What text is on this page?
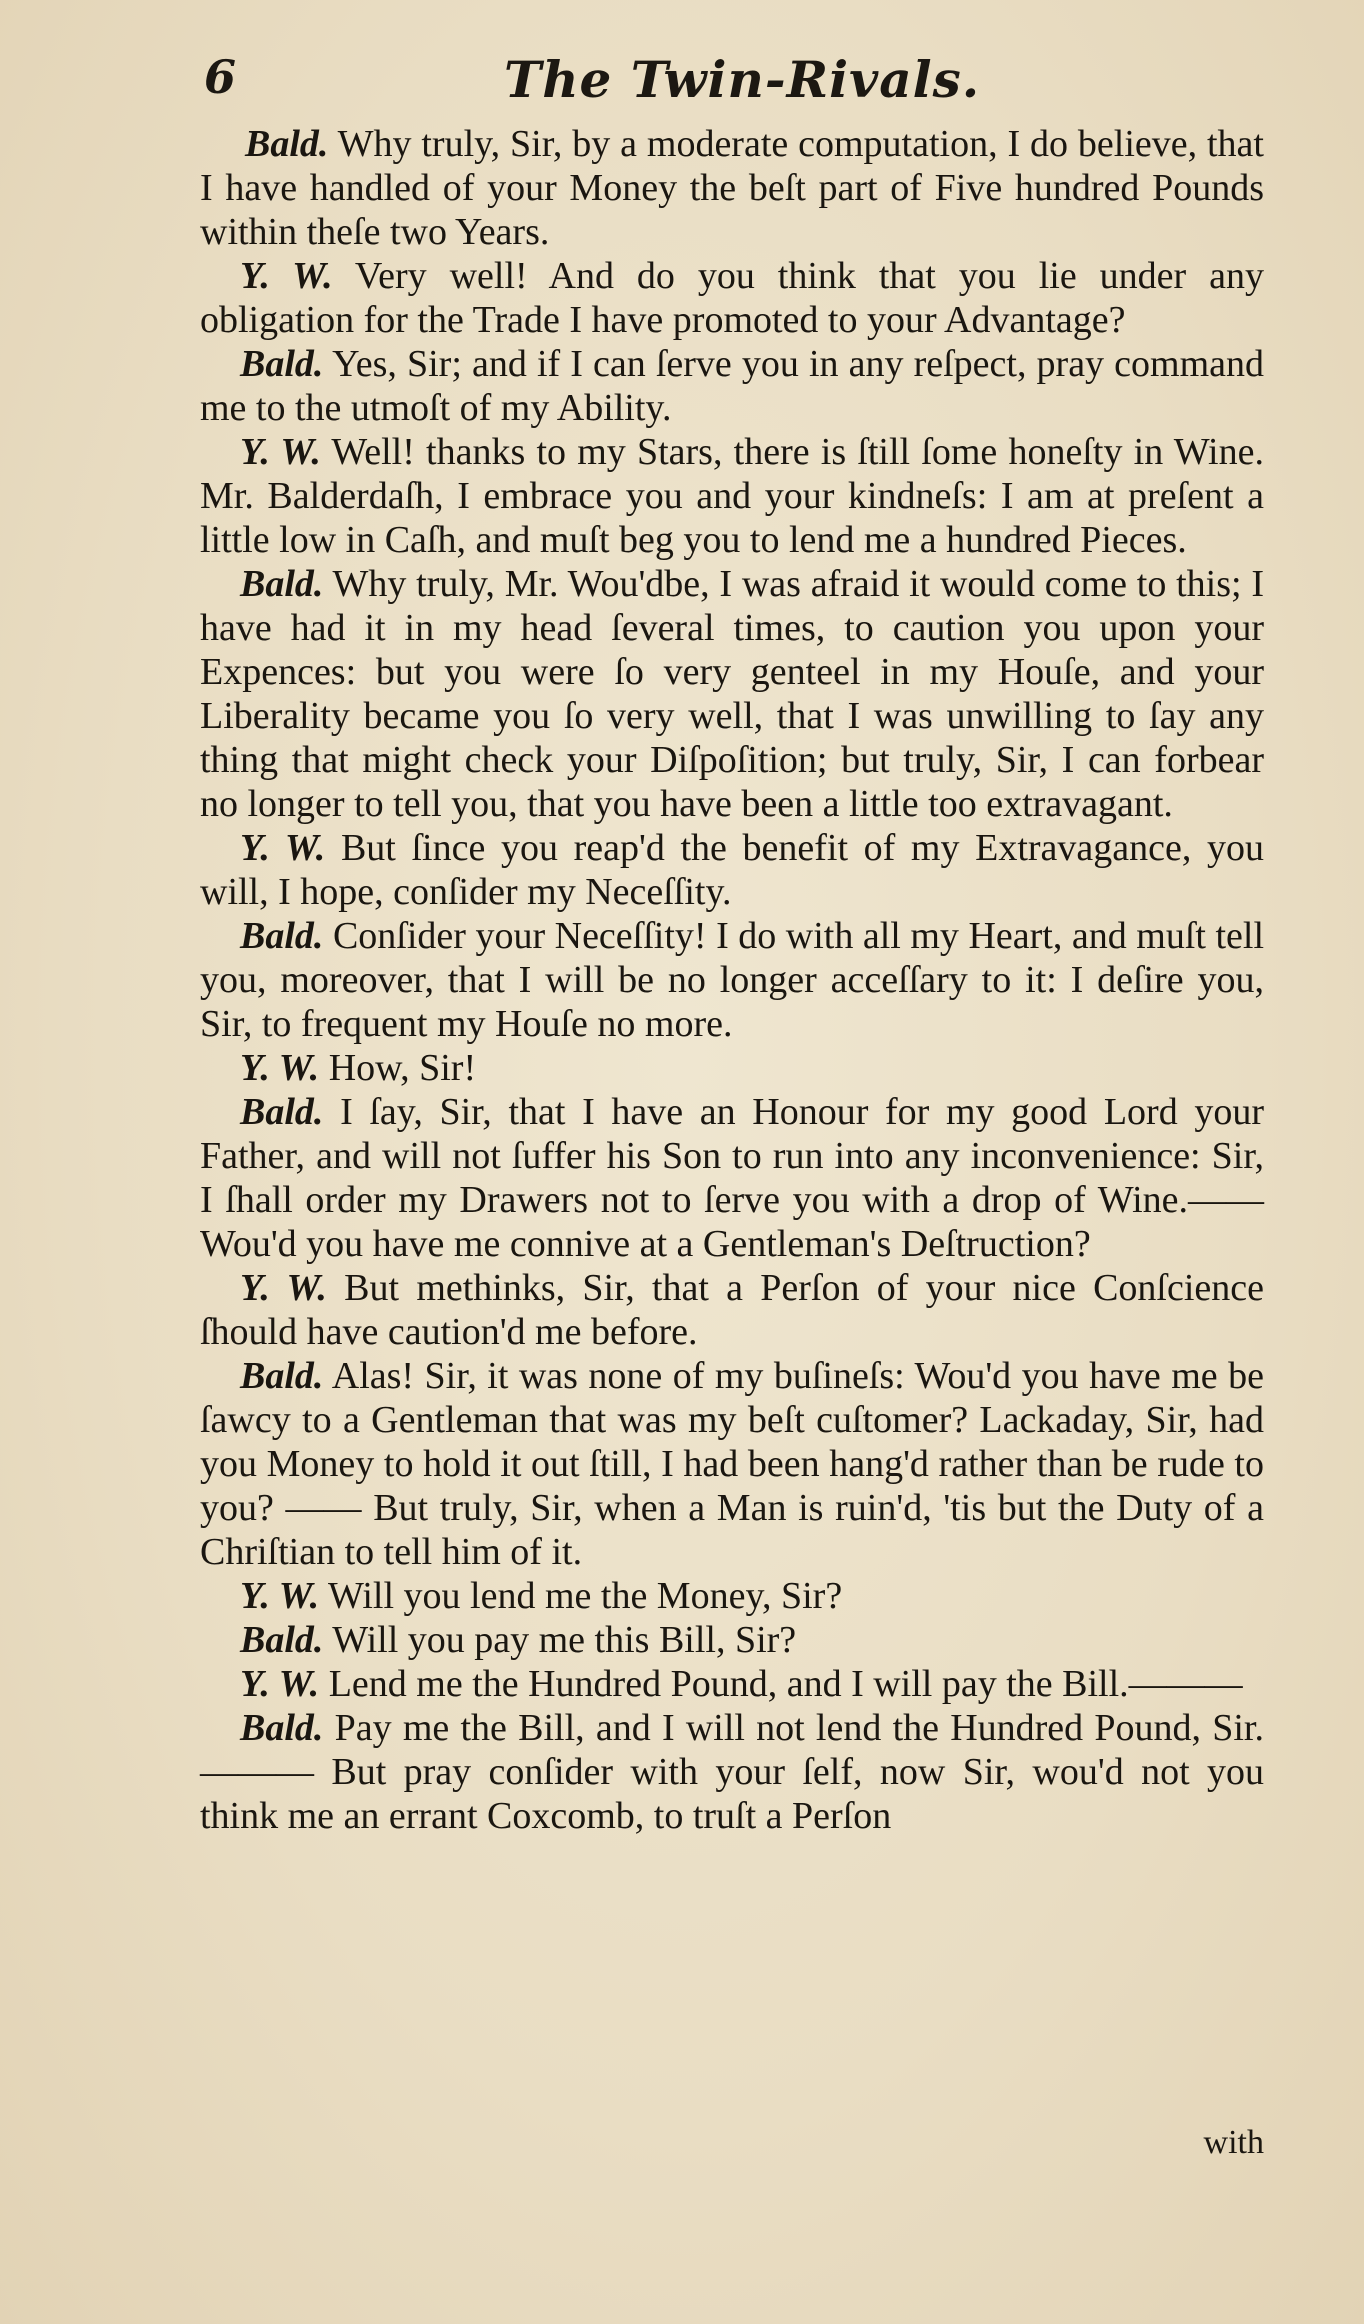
6	The Twin-Rivals.

Bald. Why truly, Sir, by a moderate computation, I do believe, that I have handled of your Money the beſt part of Five hundred Pounds within theſe two Years.

Y. W. Very well! And do you think that you lie under any obligation for the Trade I have promoted to your Advantage?

Bald. Yes, Sir; and if I can ſerve you in any reſpect, pray command me to the utmoſt of my Ability.

Y. W. Well! thanks to my Stars, there is ſtill ſome honeſty in Wine. Mr. Balderdaſh, I embrace you and your kindneſs: I am at preſent a little low in Caſh, and muſt beg you to lend me a hundred Pieces.

Bald. Why truly, Mr. Wou'dbe, I was afraid it would come to this; I have had it in my head ſeveral times, to caution you upon your Expences: but you were ſo very genteel in my Houſe, and your Liberality became you ſo very well, that I was unwilling to ſay any thing that might check your Diſpoſition; but truly, Sir, I can forbear no longer to tell you, that you have been a little too extravagant.

Y. W. But ſince you reap'd the benefit of my Extravagance, you will, I hope, conſider my Neceſſity.

Bald. Conſider your Neceſſity! I do with all my Heart, and muſt tell you, moreover, that I will be no longer acceſſary to it: I deſire you, Sir, to frequent my Houſe no more.

Y. W. How, Sir!

Bald. I ſay, Sir, that I have an Honour for my good Lord your Father, and will not ſuffer his Son to run into any inconvenience: Sir, I ſhall order my Drawers not to ſerve you with a drop of Wine.—— Wou'd you have me connive at a Gentleman's Deſtruction?

Y. W. But methinks, Sir, that a Perſon of your nice Conſcience ſhould have caution'd me before.

Bald. Alas! Sir, it was none of my buſineſs: Wou'd you have me be ſawcy to a Gentleman that was my beſt cuſtomer? Lackaday, Sir, had you Money to hold it out ſtill, I had been hang'd rather than be rude to you? —— But truly, Sir, when a Man is ruin'd, 'tis but the Duty of a Chriſtian to tell him of it.

Y. W. Will you lend me the Money, Sir?

Bald. Will you pay me this Bill, Sir?

Y. W. Lend me the Hundred Pound, and I will pay the Bill.———

Bald. Pay me the Bill, and I will not lend the Hundred Pound, Sir.——— But pray conſider with your ſelf, now Sir, wou'd not you think me an errant Coxcomb, to truſt a Perſon

with
